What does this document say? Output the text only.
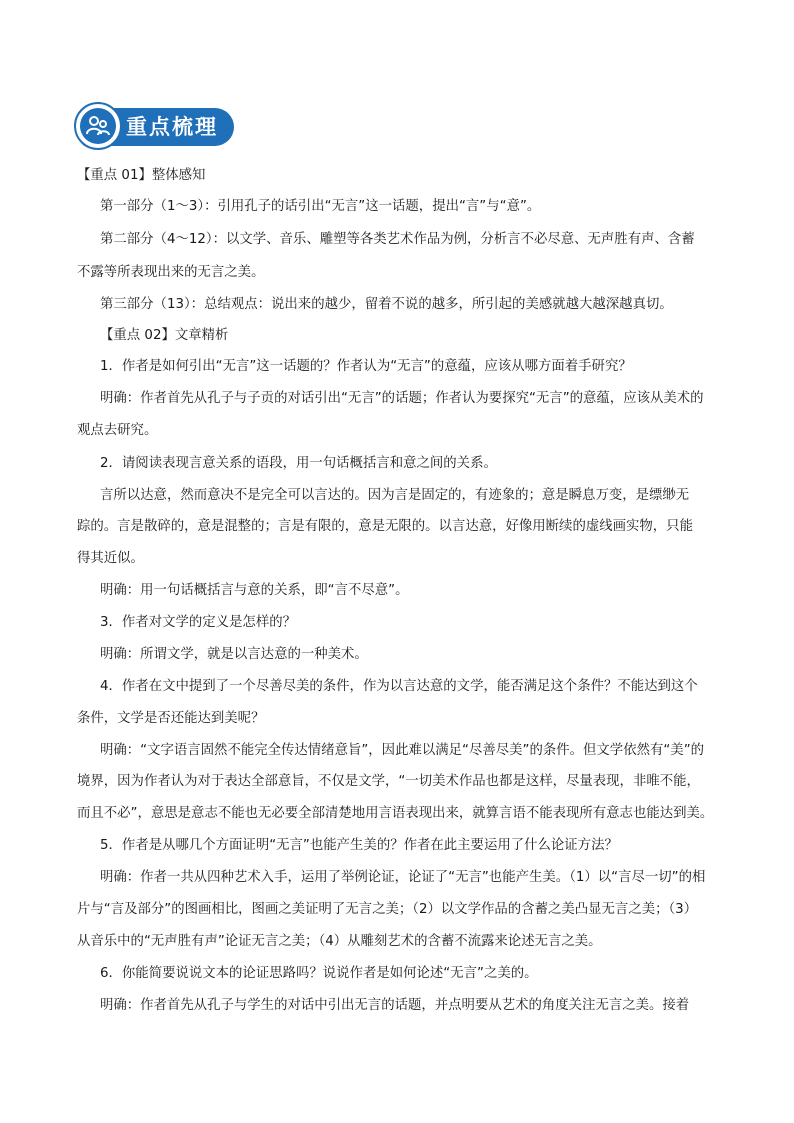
重点梳理
【重点 01】整体感知
第一部分（1～3）：引用孔子的话引出“无言”这一话题，提出“言”与“意”。
第二部分（4～12）：以文学、音乐、雕塑等各类艺术作品为例，分析言不必尽意、无声胜有声、含蓄
不露等所表现出来的无言之美。
第三部分（13）：总结观点：说出来的越少，留着不说的越多，所引起的美感就越大越深越真切。
【重点 02】文章精析
1．作者是如何引出“无言”这一话题的？作者认为“无言”的意蕴，应该从哪方面着手研究？
明确：作者首先从孔子与子贡的对话引出“无言”的话题；作者认为要探究“无言”的意蕴，应该从美术的
观点去研究。
2．请阅读表现言意关系的语段，用一句话概括言和意之间的关系。
言所以达意，然而意决不是完全可以言达的。因为言是固定的，有迹象的；意是瞬息万变，是缥缈无
踪的。言是散碎的，意是混整的；言是有限的，意是无限的。以言达意，好像用断续的虚线画实物，只能
得其近似。
明确：用一句话概括言与意的关系，即“言不尽意”。
3．作者对文学的定义是怎样的？
明确：所谓文学，就是以言达意的一种美术。
4．作者在文中提到了一个尽善尽美的条件，作为以言达意的文学，能否满足这个条件？不能达到这个
条件，文学是否还能达到美呢？
明确：“文字语言固然不能完全传达情绪意旨”，因此难以满足“尽善尽美”的条件。但文学依然有“美”的
境界，因为作者认为对于表达全部意旨，不仅是文学，“一切美术作品也都是这样，尽量表现，非唯不能，
而且不必”，意思是意志不能也无必要全部清楚地用言语表现出来，就算言语不能表现所有意志也能达到美。
5．作者是从哪几个方面证明“无言”也能产生美的？作者在此主要运用了什么论证方法？
明确：作者一共从四种艺术入手，运用了举例论证，论证了“无言”也能产生美。（1）以“言尽一切”的相
片与“言及部分”的图画相比，图画之美证明了无言之美；（2）以文学作品的含蓄之美凸显无言之美；（3）
从音乐中的“无声胜有声”论证无言之美；（4）从雕刻艺术的含蓄不流露来论述无言之美。
6．你能简要说说文本的论证思路吗？说说作者是如何论述“无言”之美的。
明确：作者首先从孔子与学生的对话中引出无言的话题，并点明要从艺术的角度关注无言之美。接着
